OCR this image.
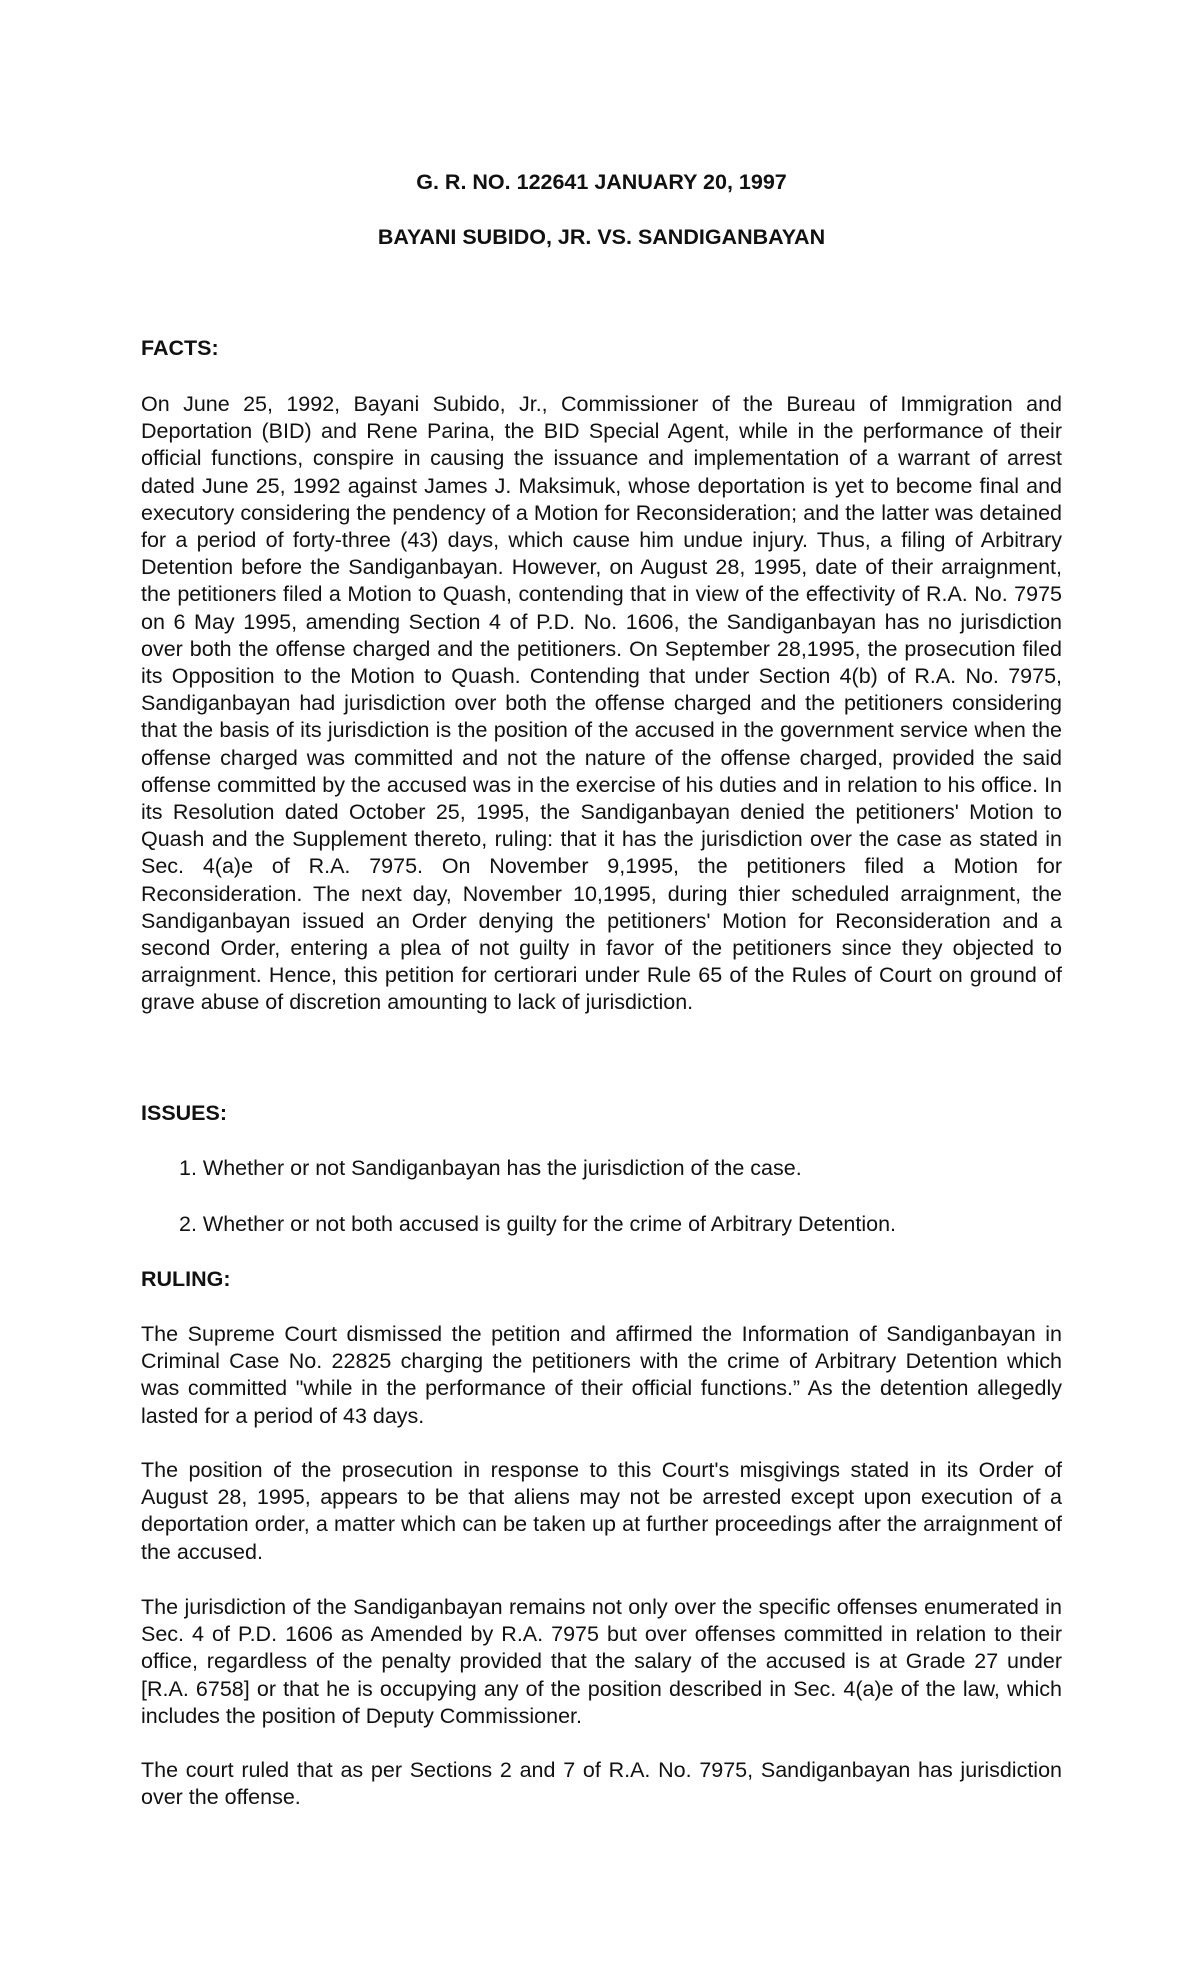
G. R. NO. 122641 JANUARY 20, 1997

BAYANI SUBIDO, JR. VS. SANDIGANBAYAN

FACTS:

On June 25, 1992, Bayani Subido, Jr., Commissioner of the Bureau of Immigration and Deportation (BID) and Rene Parina, the BID Special Agent, while in the performance of their official functions, conspire in causing the issuance and implementation of a warrant of arrest dated June 25, 1992 against James J. Maksimuk, whose deportation is yet to become final and executory considering the pendency of a Motion for Reconsideration; and the latter was detained for a period of forty-three (43) days, which cause him undue injury. Thus, a filing of Arbitrary Detention before the Sandiganbayan. However, on August 28, 1995, date of their arraignment, the petitioners filed a Motion to Quash, contending that in view of the effectivity of R.A. No. 7975 on 6 May 1995, amending Section 4 of P.D. No. 1606, the Sandiganbayan has no jurisdiction over both the offense charged and the petitioners. On September 28,1995, the prosecution filed its Opposition to the Motion to Quash. Contending that under Section 4(b) of R.A. No. 7975, Sandiganbayan had jurisdiction over both the offense charged and the petitioners considering that the basis of its jurisdiction is the position of the accused in the government service when the offense charged was committed and not the nature of the offense charged, provided the said offense committed by the accused was in the exercise of his duties and in relation to his office. In its Resolution dated October 25, 1995, the Sandiganbayan denied the petitioners' Motion to Quash and the Supplement thereto, ruling: that it has the jurisdiction over the case as stated in Sec. 4(a)e of R.A. 7975. On November 9,1995, the petitioners filed a Motion for Reconsideration. The next day, November 10,1995, during thier scheduled arraignment, the Sandiganbayan issued an Order denying the petitioners' Motion for Reconsideration and a second Order, entering a plea of not guilty in favor of the petitioners since they objected to arraignment. Hence, this petition for certiorari under Rule 65 of the Rules of Court on ground of grave abuse of discretion amounting to lack of jurisdiction.

ISSUES:

1. Whether or not Sandiganbayan has the jurisdiction of the case.

2. Whether or not both accused is guilty for the crime of Arbitrary Detention.

RULING:

The Supreme Court dismissed the petition and affirmed the Information of Sandiganbayan in Criminal Case No. 22825 charging the petitioners with the crime of Arbitrary Detention which was committed "while in the performance of their official functions.” As the detention allegedly lasted for a period of 43 days.

The position of the prosecution in response to this Court's misgivings stated in its Order of August 28, 1995, appears to be that aliens may not be arrested except upon execution of a deportation order, a matter which can be taken up at further proceedings after the arraignment of the accused.

The jurisdiction of the Sandiganbayan remains not only over the specific offenses enumerated in Sec. 4 of P.D. 1606 as Amended by R.A. 7975 but over offenses committed in relation to their office, regardless of the penalty provided that the salary of the accused is at Grade 27 under [R.A. 6758] or that he is occupying any of the position described in Sec. 4(a)e of the law, which includes the position of Deputy Commissioner.

The court ruled that as per Sections 2 and 7 of R.A. No. 7975, Sandiganbayan has jurisdiction over the offense.
